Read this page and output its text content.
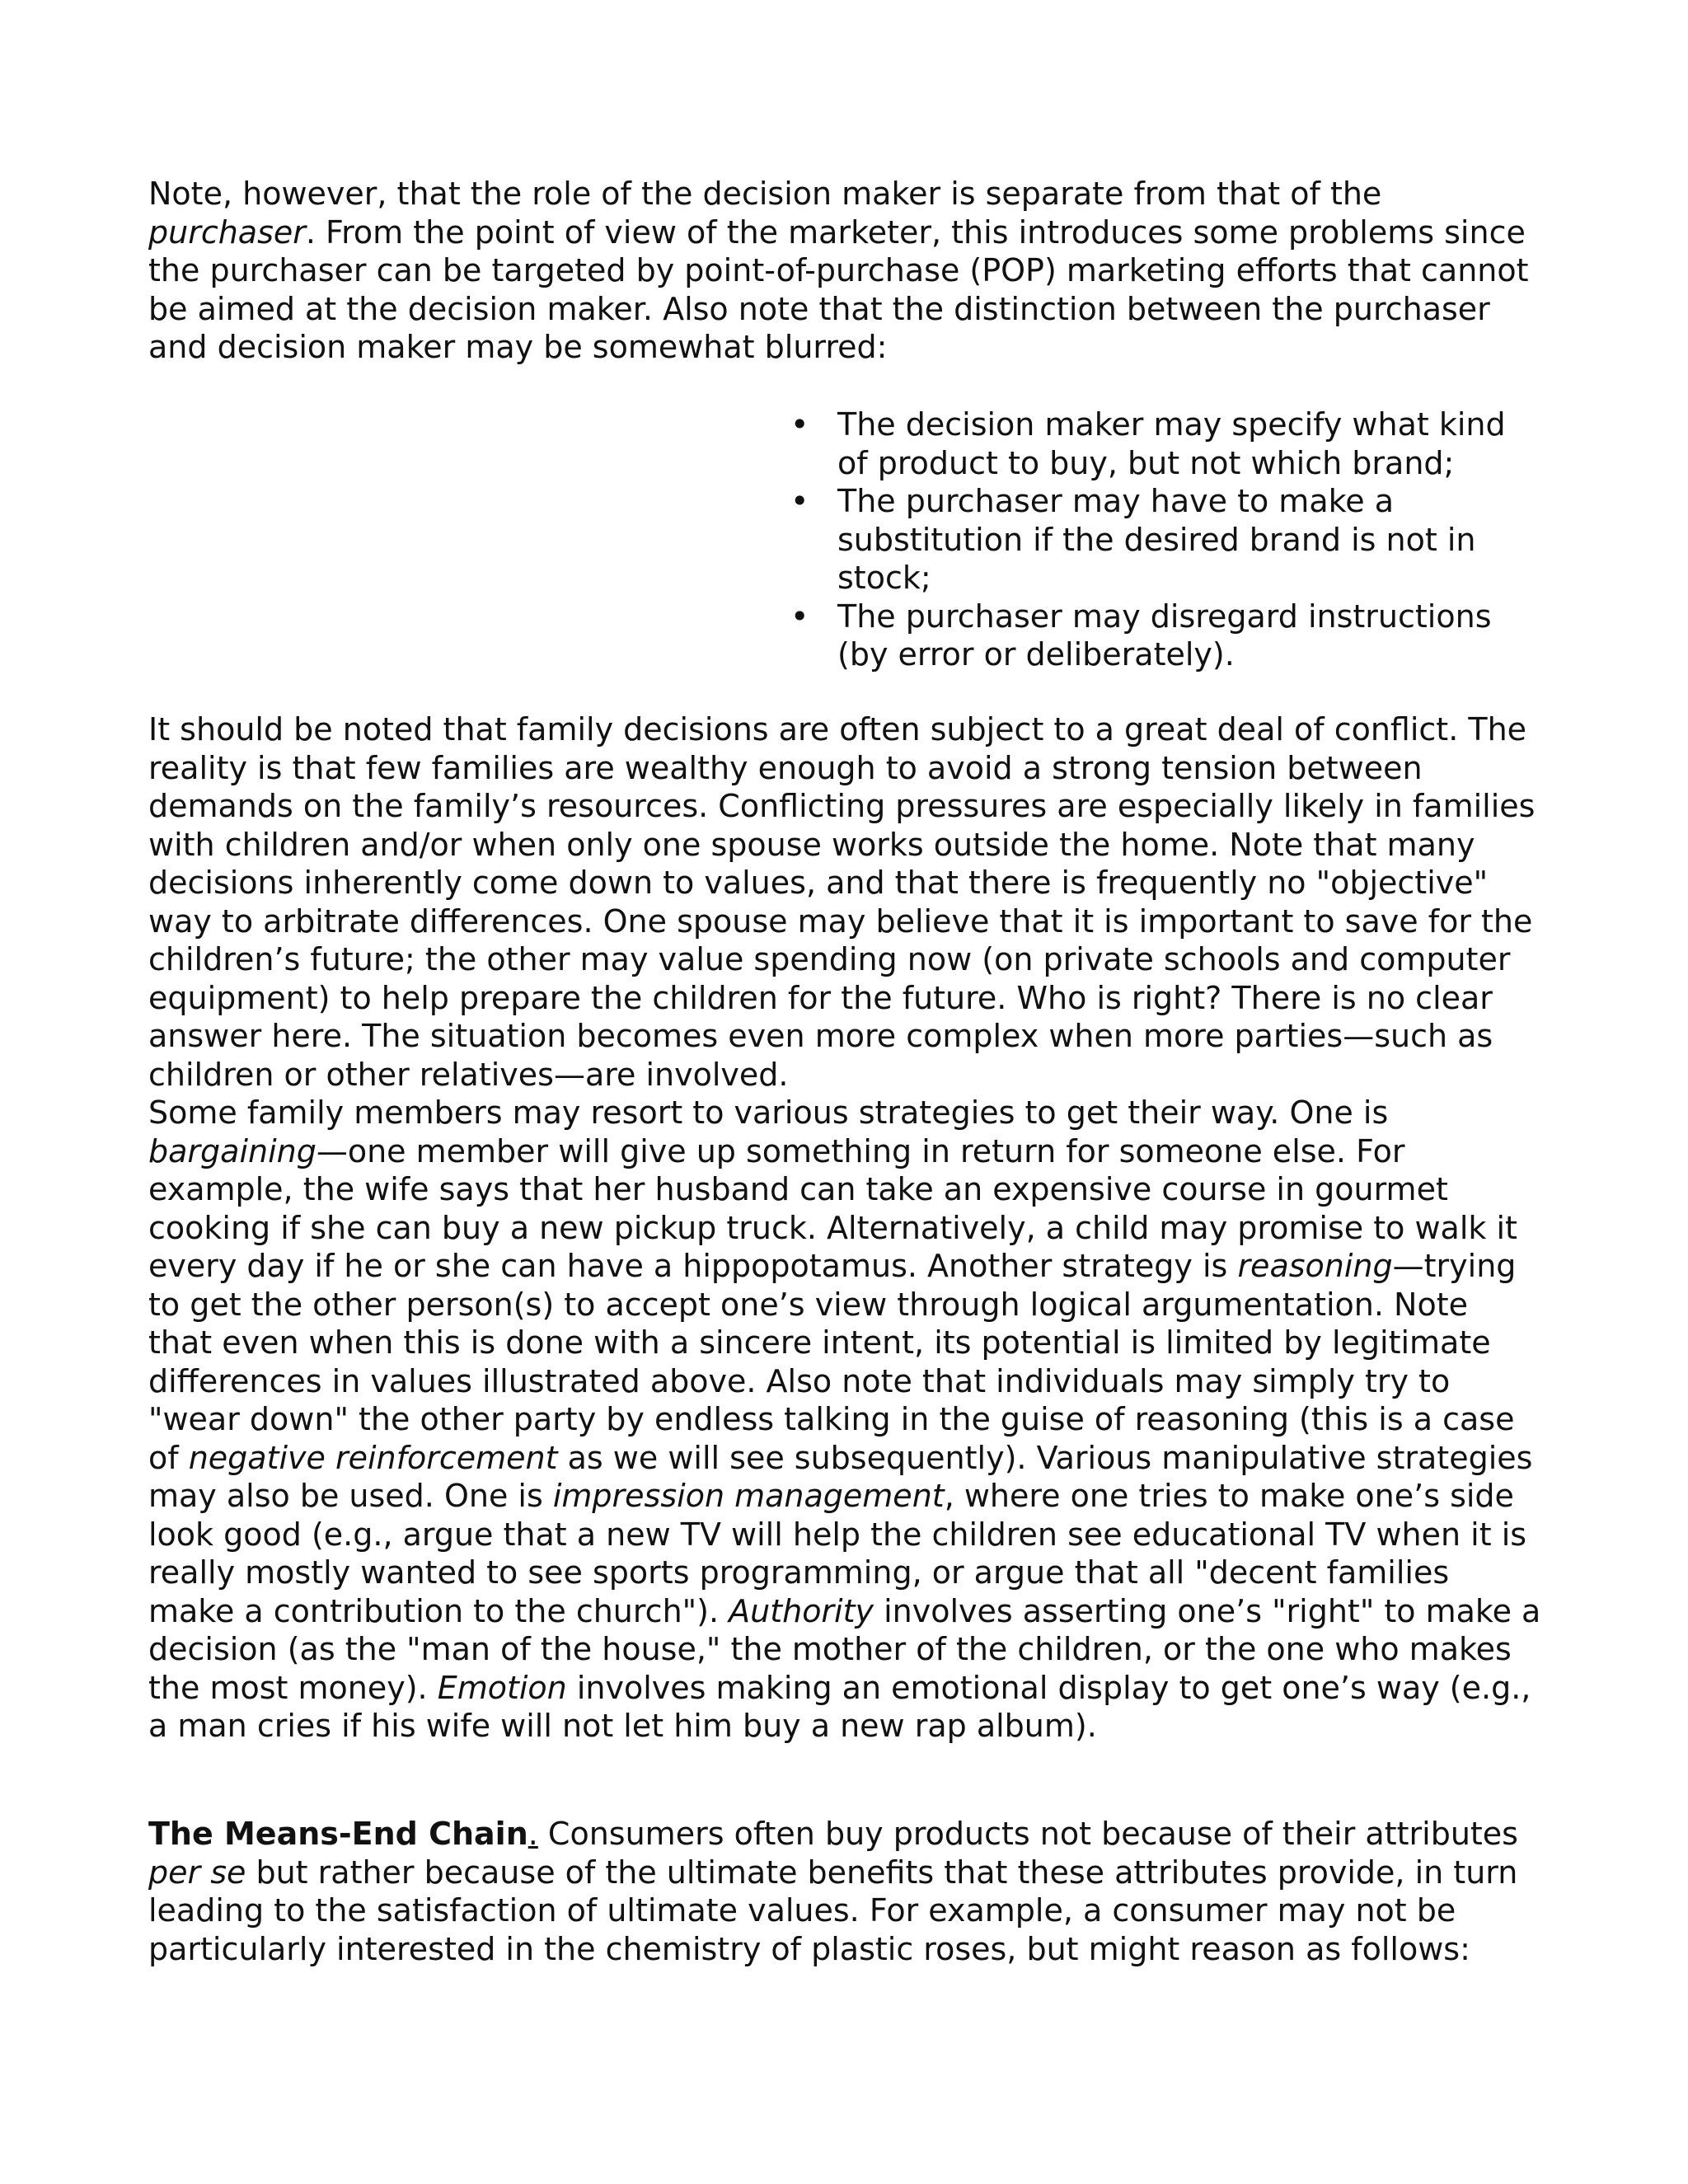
Note, however, that the role of the decision maker is separate from that of the purchaser. From the point of view of the marketer, this introduces some problems since the purchaser can be targeted by point-of-purchase (POP) marketing efforts that cannot be aimed at the decision maker. Also note that the distinction between the purchaser and decision maker may be somewhat blurred:

• The decision maker may specify what kind of product to buy, but not which brand;
• The purchaser may have to make a substitution if the desired brand is not in stock;
• The purchaser may disregard instructions (by error or deliberately).

It should be noted that family decisions are often subject to a great deal of conflict. The reality is that few families are wealthy enough to avoid a strong tension between demands on the family’s resources. Conflicting pressures are especially likely in families with children and/or when only one spouse works outside the home. Note that many decisions inherently come down to values, and that there is frequently no "objective" way to arbitrate differences. One spouse may believe that it is important to save for the children’s future; the other may value spending now (on private schools and computer equipment) to help prepare the children for the future. Who is right? There is no clear answer here. The situation becomes even more complex when more parties—such as children or other relatives—are involved.
Some family members may resort to various strategies to get their way. One is bargaining—one member will give up something in return for someone else. For example, the wife says that her husband can take an expensive course in gourmet cooking if she can buy a new pickup truck. Alternatively, a child may promise to walk it every day if he or she can have a hippopotamus. Another strategy is reasoning—trying to get the other person(s) to accept one’s view through logical argumentation. Note that even when this is done with a sincere intent, its potential is limited by legitimate differences in values illustrated above. Also note that individuals may simply try to "wear down" the other party by endless talking in the guise of reasoning (this is a case of negative reinforcement as we will see subsequently). Various manipulative strategies may also be used. One is impression management, where one tries to make one’s side look good (e.g., argue that a new TV will help the children see educational TV when it is really mostly wanted to see sports programming, or argue that all "decent families make a contribution to the church"). Authority involves asserting one’s "right" to make a decision (as the "man of the house," the mother of the children, or the one who makes the most money). Emotion involves making an emotional display to get one’s way (e.g., a man cries if his wife will not let him buy a new rap album).

The Means-End Chain. Consumers often buy products not because of their attributes per se but rather because of the ultimate benefits that these attributes provide, in turn leading to the satisfaction of ultimate values. For example, a consumer may not be particularly interested in the chemistry of plastic roses, but might reason as follows:
